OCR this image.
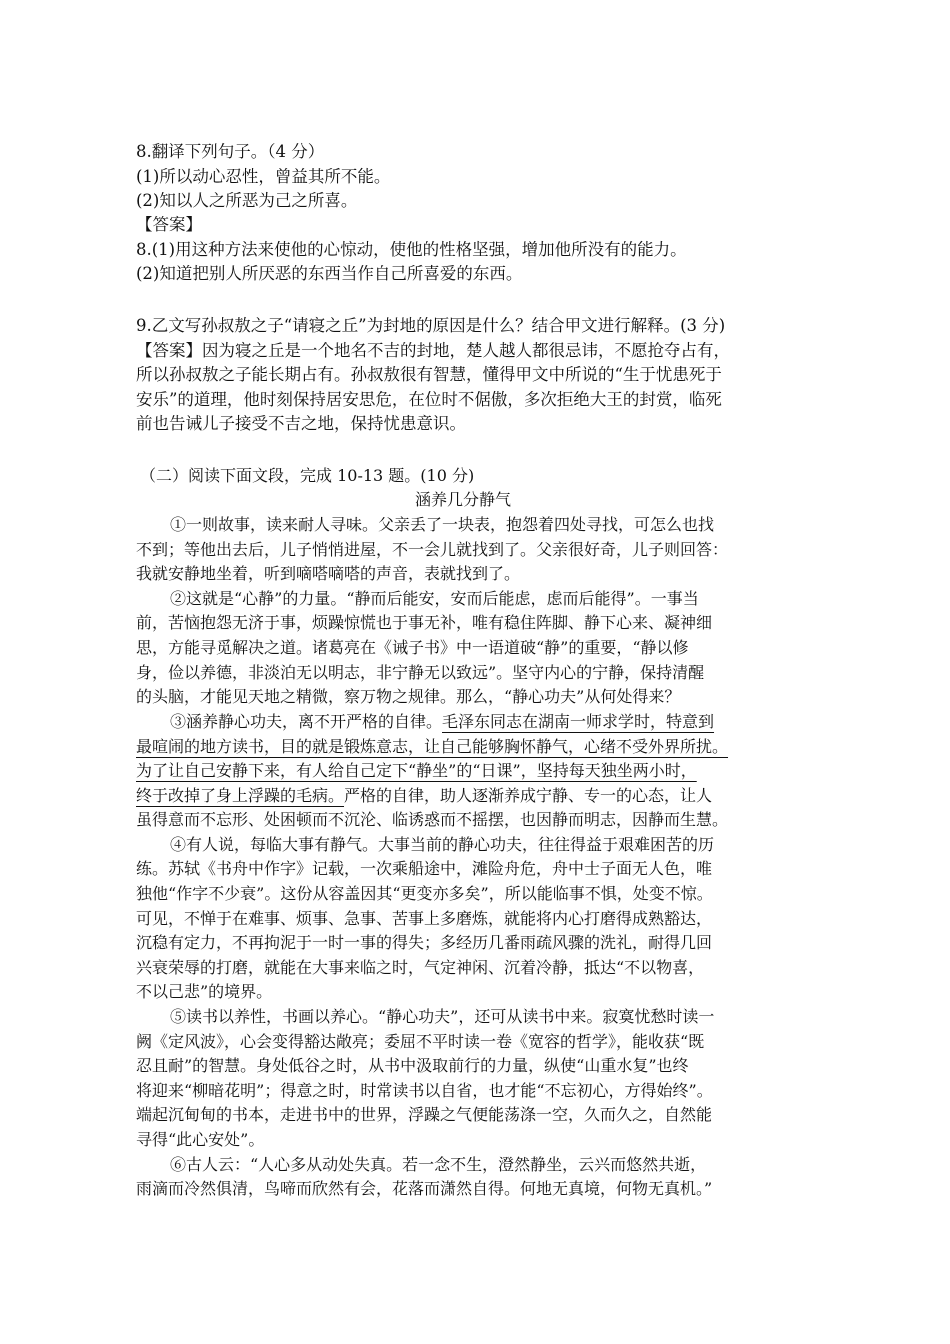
8.翻译下列句子。（4 分）
(1)所以动心忍性，曾益其所不能。
(2)知以人之所恶为己之所喜。
【答案】
8.(1)用这种方法来使他的心惊动，使他的性格坚强，增加他所没有的能力。
(2)知道把别人所厌恶的东西当作自己所喜爱的东西。
9.乙文写孙叔敖之子“请寝之丘”为封地的原因是什么？结合甲文进行解释。(3 分)
【答案】因为寝之丘是一个地名不吉的封地，楚人越人都很忌讳，不愿抢夺占有，
所以孙叔敖之子能长期占有。孙叔敖很有智慧，懂得甲文中所说的“生于忧患死于
安乐”的道理，他时刻保持居安思危，在位时不倨傲，多次拒绝大王的封赏，临死
前也告诫儿子接受不吉之地，保持忧患意识。
（二）阅读下面文段，完成 10-13 题。(10 分)
涵养几分静气
①一则故事，读来耐人寻味。父亲丢了一块表，抱怨着四处寻找，可怎么也找
不到；等他出去后，儿子悄悄进屋，不一会儿就找到了。父亲很好奇，儿子则回答：
我就安静地坐着，听到嘀嗒嘀嗒的声音，表就找到了。
②这就是“心静”的力量。“静而后能安，安而后能虑，虑而后能得”。一事当
前，苦恼抱怨无济于事，烦躁惊慌也于事无补，唯有稳住阵脚、静下心来、凝神细
思，方能寻觅解决之道。诸葛亮在《诫子书》中一语道破“静”的重要，“静以修
身，俭以养德，非淡泊无以明志，非宁静无以致远”。坚守内心的宁静，保持清醒
的头脑，才能见天地之精微，察万物之规律。那么，“静心功夫”从何处得来？
③涵养静心功夫，离不开严格的自律。毛泽东同志在湖南一师求学时，特意到
最喧闹的地方读书，目的就是锻炼意志，让自己能够胸怀静气，心绪不受外界所扰。
为了让自己安静下来，有人给自己定下“静坐”的“日课”，坚持每天独坐两小时，
终于改掉了身上浮躁的毛病。严格的自律，助人逐渐养成宁静、专一的心态，让人
虽得意而不忘形、处困顿而不沉沦、临诱惑而不摇摆，也因静而明志，因静而生慧。
④有人说，每临大事有静气。大事当前的静心功夫，往往得益于艰难困苦的历
练。苏轼《书舟中作字》记载，一次乘船途中，滩险舟危，舟中士子面无人色，唯
独他“作字不少衰”。这份从容盖因其“更变亦多矣”，所以能临事不惧，处变不惊。
可见，不惮于在难事、烦事、急事、苦事上多磨炼，就能将内心打磨得成熟豁达，
沉稳有定力，不再拘泥于一时一事的得失；多经历几番雨疏风骤的洗礼，耐得几回
兴衰荣辱的打磨，就能在大事来临之时，气定神闲、沉着冷静，抵达“不以物喜，
不以己悲”的境界。
⑤读书以养性，书画以养心。“静心功夫”，还可从读书中来。寂寞忧愁时读一
阙《定风波》，心会变得豁达敞亮；委屈不平时读一卷《宽容的哲学》，能收获“既
忍且耐”的智慧。身处低谷之时，从书中汲取前行的力量，纵使“山重水复”也终
将迎来“柳暗花明”；得意之时，时常读书以自省，也才能“不忘初心，方得始终”。
端起沉甸甸的书本，走进书中的世界，浮躁之气便能荡涤一空，久而久之，自然能
寻得“此心安处”。
⑥古人云：“人心多从动处失真。若一念不生，澄然静坐，云兴而悠然共逝，
雨滴而冷然俱清，鸟啼而欣然有会，花落而潇然自得。何地无真境，何物无真机。”
